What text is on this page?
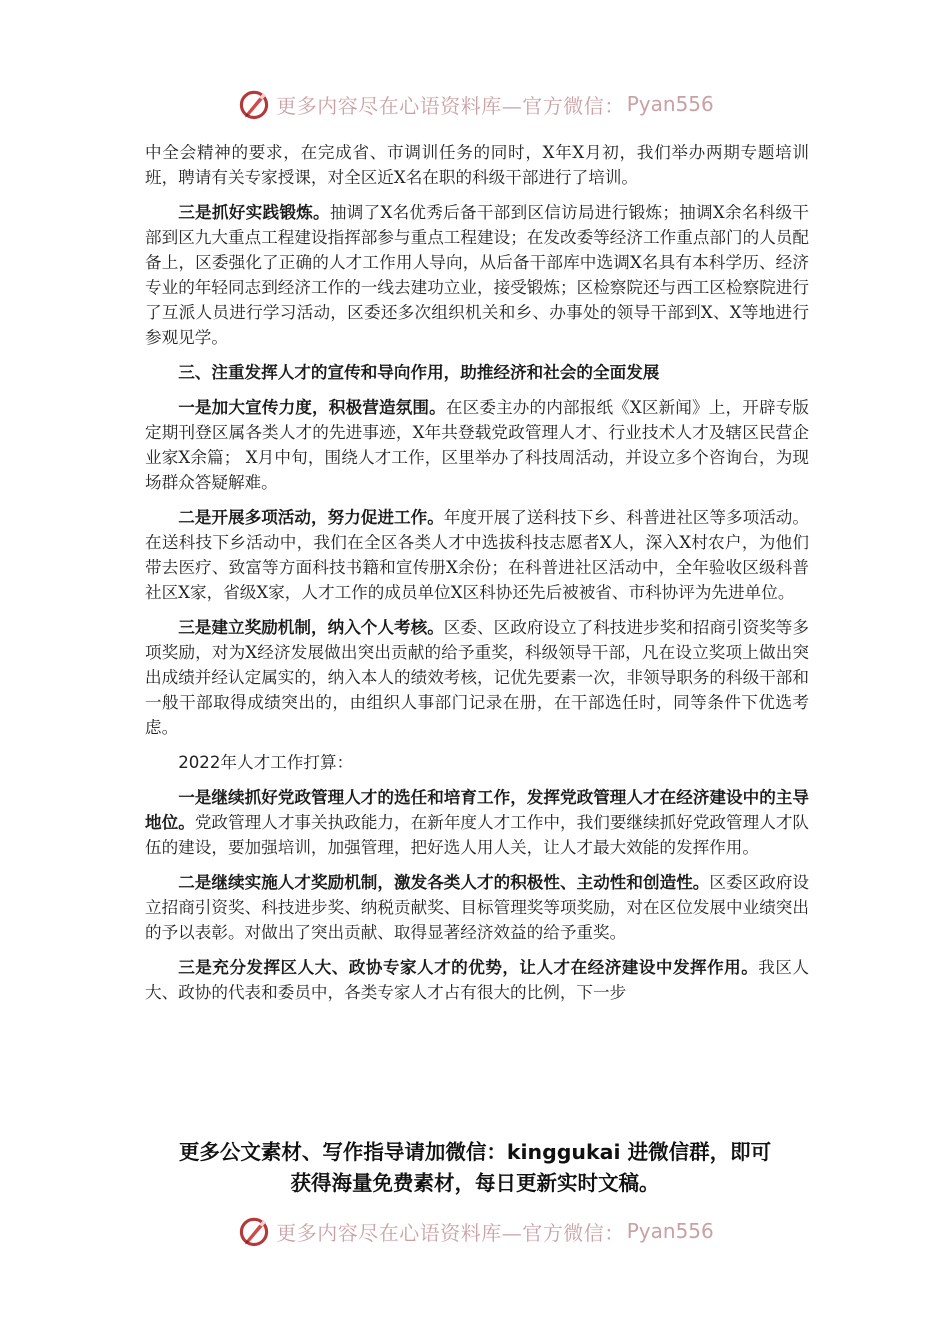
更多内容尽在心语资料库—官方微信： Pyan556

中全会精神的要求，在完成省、市调训任务的同时，X年X月初，我们举办两期专题培训班，聘请有关专家授课，对全区近X名在职的科级干部进行了培训。

三是抓好实践锻炼。抽调了X名优秀后备干部到区信访局进行锻炼；抽调X余名科级干部到区九大重点工程建设指挥部参与重点工程建设；在发改委等经济工作重点部门的人员配备上，区委强化了正确的人才工作用人导向，从后备干部库中选调X名具有本科学历、经济专业的年轻同志到经济工作的一线去建功立业，接受锻炼；区检察院还与西工区检察院进行了互派人员进行学习活动，区委还多次组织机关和乡、办事处的领导干部到X、X等地进行参观见学。

三、注重发挥人才的宣传和导向作用，助推经济和社会的全面发展

一是加大宣传力度，积极营造氛围。在区委主办的内部报纸《X区新闻》上，开辟专版定期刊登区属各类人才的先进事迹，X年共登载党政管理人才、行业技术人才及辖区民营企业家X余篇； X月中旬，围绕人才工作，区里举办了科技周活动，并设立多个咨询台，为现场群众答疑解难。

二是开展多项活动，努力促进工作。年度开展了送科技下乡、科普进社区等多项活动。在送科技下乡活动中，我们在全区各类人才中选拔科技志愿者X人，深入X村农户，为他们带去医疗、致富等方面科技书籍和宣传册X余份；在科普进社区活动中，全年验收区级科普社区X家，省级X家，人才工作的成员单位X区科协还先后被被省、市科协评为先进单位。

三是建立奖励机制，纳入个人考核。区委、区政府设立了科技进步奖和招商引资奖等多项奖励，对为X经济发展做出突出贡献的给予重奖，科级领导干部，凡在设立奖项上做出突出成绩并经认定属实的，纳入本人的绩效考核，记优先要素一次，非领导职务的科级干部和一般干部取得成绩突出的，由组织人事部门记录在册，在干部选任时，同等条件下优选考虑。

2022年人才工作打算：

一是继续抓好党政管理人才的选任和培育工作，发挥党政管理人才在经济建设中的主导地位。党政管理人才事关执政能力，在新年度人才工作中，我们要继续抓好党政管理人才队伍的建设，要加强培训，加强管理，把好选人用人关，让人才最大效能的发挥作用。

二是继续实施人才奖励机制，激发各类人才的积极性、主动性和创造性。区委区政府设立招商引资奖、科技进步奖、纳税贡献奖、目标管理奖等项奖励，对在区位发展中业绩突出的予以表彰。对做出了突出贡献、取得显著经济效益的给予重奖。

三是充分发挥区人大、政协专家人才的优势，让人才在经济建设中发挥作用。我区人大、政协的代表和委员中，各类专家人才占有很大的比例，下一步

更多公文素材、写作指导请加微信：kinggukai 进微信群，即可
获得海量免费素材，每日更新实时文稿。
更多内容尽在心语资料库—官方微信： Pyan556
